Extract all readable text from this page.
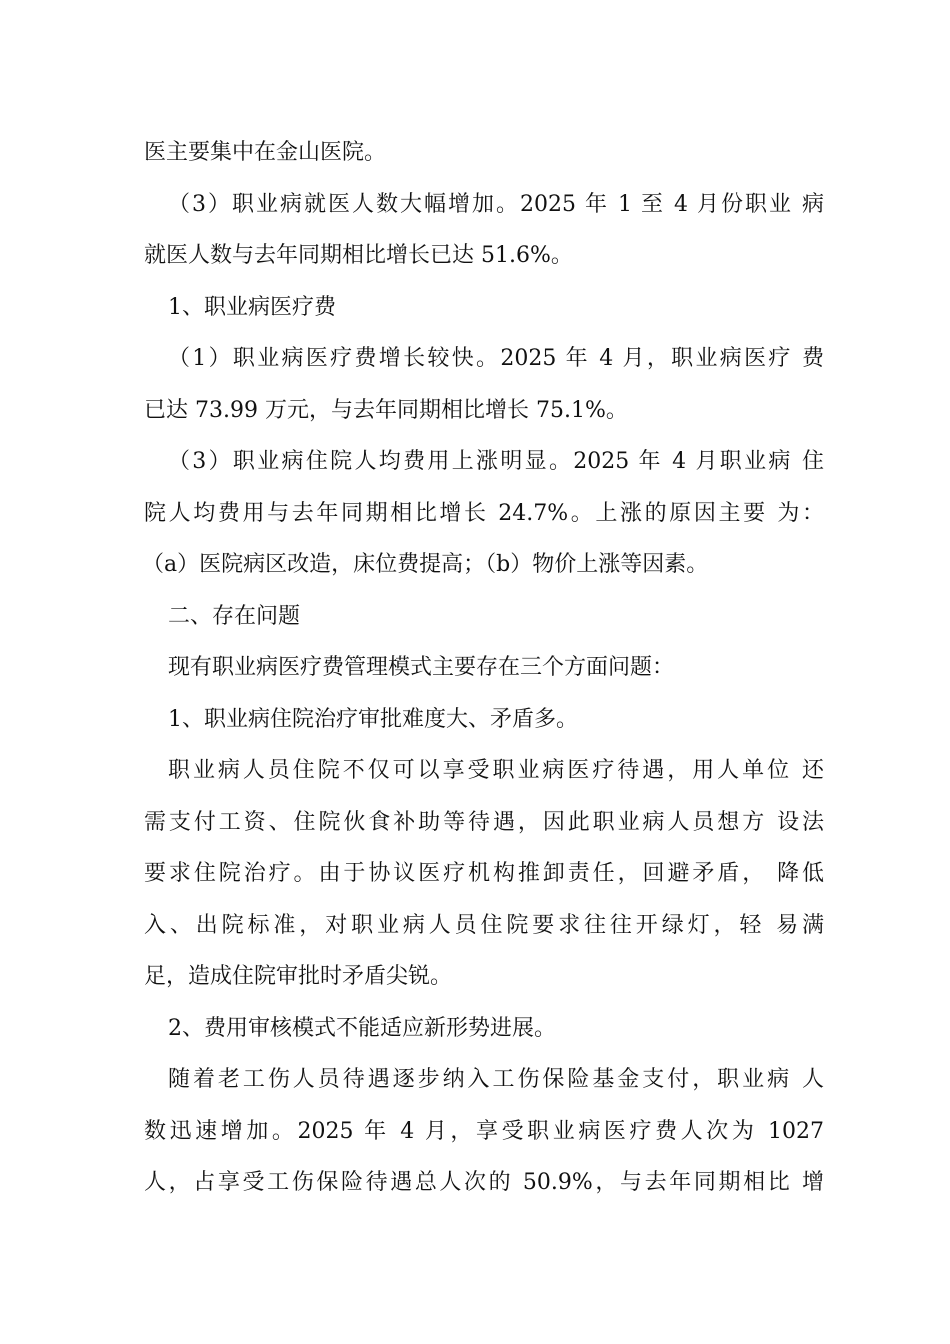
医主要集中在金山医院。
（3）职业病就医人数大幅增加。2025 年 1 至 4 月份职业 病
就医人数与去年同期相比增长已达 51.6%。
1、职业病医疗费
（1）职业病医疗费增长较快。2025 年 4 月，职业病医疗 费
已达 73.99 万元，与去年同期相比增长 75.1%。
（3）职业病住院人均费用上涨明显。2025 年 4 月职业病 住
院人均费用与去年同期相比增长 24.7%。上涨的原因主要 为：
（a）医院病区改造，床位费提高；（b）物价上涨等因素。
二、存在问题
现有职业病医疗费管理模式主要存在三个方面问题：
1、职业病住院治疗审批难度大、矛盾多。
职业病人员住院不仅可以享受职业病医疗待遇，用人单位 还
需支付工资、住院伙食补助等待遇，因此职业病人员想方 设法
要求住院治疗。由于协议医疗机构推卸责任，回避矛盾， 降低
入、出院标准，对职业病人员住院要求往往开绿灯，轻 易满
足，造成住院审批时矛盾尖锐。
2、费用审核模式不能适应新形势进展。
随着老工伤人员待遇逐步纳入工伤保险基金支付，职业病 人
数迅速增加。2025 年 4 月，享受职业病医疗费人次为 1027
人，占享受工伤保险待遇总人次的 50.9%，与去年同期相比 增
